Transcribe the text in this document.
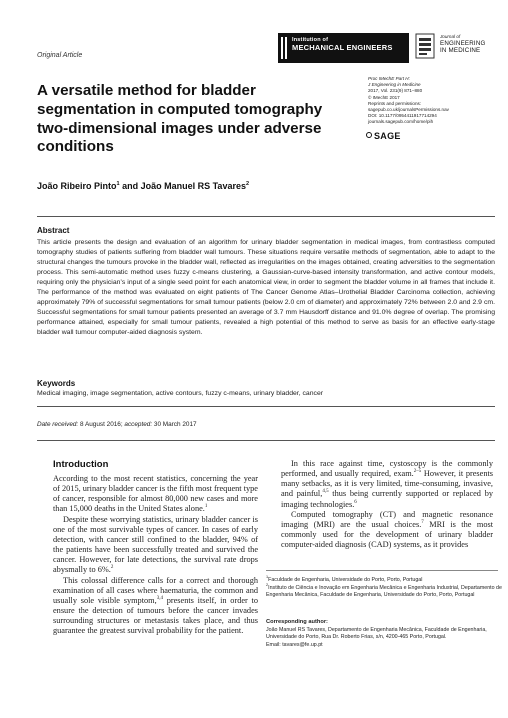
Original Article
Institution of
MECHANICAL ENGINEERS
Journal of
ENGINEERING IN MEDICINE
Proc IMechE Part H:
J Engineering in Medicine
2017, Vol. 231(9) 871–880
© IMechE 2017
Reprints and permissions:
sagepub.co.uk/journalsPermissions.nav
DOI: 10.1177/0954411917714294
journals.sagepub.com/home/pih
SAGE
A versatile method for bladder segmentation in computed tomography two-dimensional images under adverse conditions
João Ribeiro Pinto$^1$ and João Manuel RS Tavares$^2$
Abstract
This article presents the design and evaluation of an algorithm for urinary bladder segmentation in medical images, from contrastless computed tomography studies of patients suffering from bladder wall tumours. These situations require versatile methods of segmentation, able to adapt to the structural changes the tumours provoke in the bladder wall, reflected as irregularities on the images obtained, creating adversities to the segmentation process. This semi-automatic method uses fuzzy c-means clustering, a Gaussian-curve-based intensity transformation, and active contour models, requiring only the physician’s input of a single seed point for each anatomical view, in order to segment the bladder volume in all frames that include it. The performance of the method was evaluated on eight patients of The Cancer Genome Atlas–Urothelial Bladder Carcinoma collection, achieving approximately 79% of successful segmentations for small tumour patients (below 2.0 cm of diameter) and approximately 72% between 2.0 and 2.9 cm. Successful segmentations for small tumour patients presented an average of 3.7 mm Hausdorff distance and 91.0% degree of overlap. The promising performance attained, especially for small tumour patients, revealed a high potential of this method to serve as basis for an effective early-stage bladder wall tumour computer-aided diagnosis system.
Keywords
Medical imaging, image segmentation, active contours, fuzzy c-means, urinary bladder, cancer
Date received: 8 August 2016; accepted: 30 March 2017
Introduction

According to the most recent statistics, concerning the year of 2015, urinary bladder cancer is the fifth most frequent type of cancer, responsible for almost 80,000 new cases and more than 15,000 deaths in the United States alone.$^1$

Despite these worrying statistics, urinary bladder cancer is one of the most survivable types of cancer. In cases of early detection, with cancer still confined to the bladder, 94% of the patients have been successfully treated and survived the cancer. However, for late detections, the survival rate drops abysmally to 6%.$^2$

This colossal difference calls for a correct and thorough examination of all cases where haematuria, the common and usually sole visible symptom,$^{3,4}$ presents itself, in order to ensure the detection of tumours before the cancer invades surrounding structures or metastasis takes place, and thus guarantee the greatest survival probability for the patient.

In this race against time, cystoscopy is the commonly performed, and usually required, exam.$^{2-5}$ However, it presents many setbacks, as it is very limited, time-consuming, invasive, and painful,$^{4,5}$ thus being currently supported or replaced by imaging technologies.$^6$

Computed tomography (CT) and magnetic resonance imaging (MRI) are the usual choices.$^7$ MRI is the most commonly used for the development of urinary bladder computer-aided diagnosis (CAD) systems, as it provides

$^1$Faculdade de Engenharia, Universidade do Porto, Porto, Portugal

$^2$Instituto de Ciência e Inovação em Engenharia Mecânica e Engenharia Industrial, Departamento de Engenharia Mecânica, Faculdade de Engenharia, Universidade do Porto, Porto, Portugal

Corresponding author:

João Manuel RS Tavares, Departamento de Engenharia Mecânica, Faculdade de Engenharia, Universidade do Porto, Rua Dr. Roberto Frias, s/n, 4200-465 Porto, Portugal.

Email: tavares@fe.up.pt
